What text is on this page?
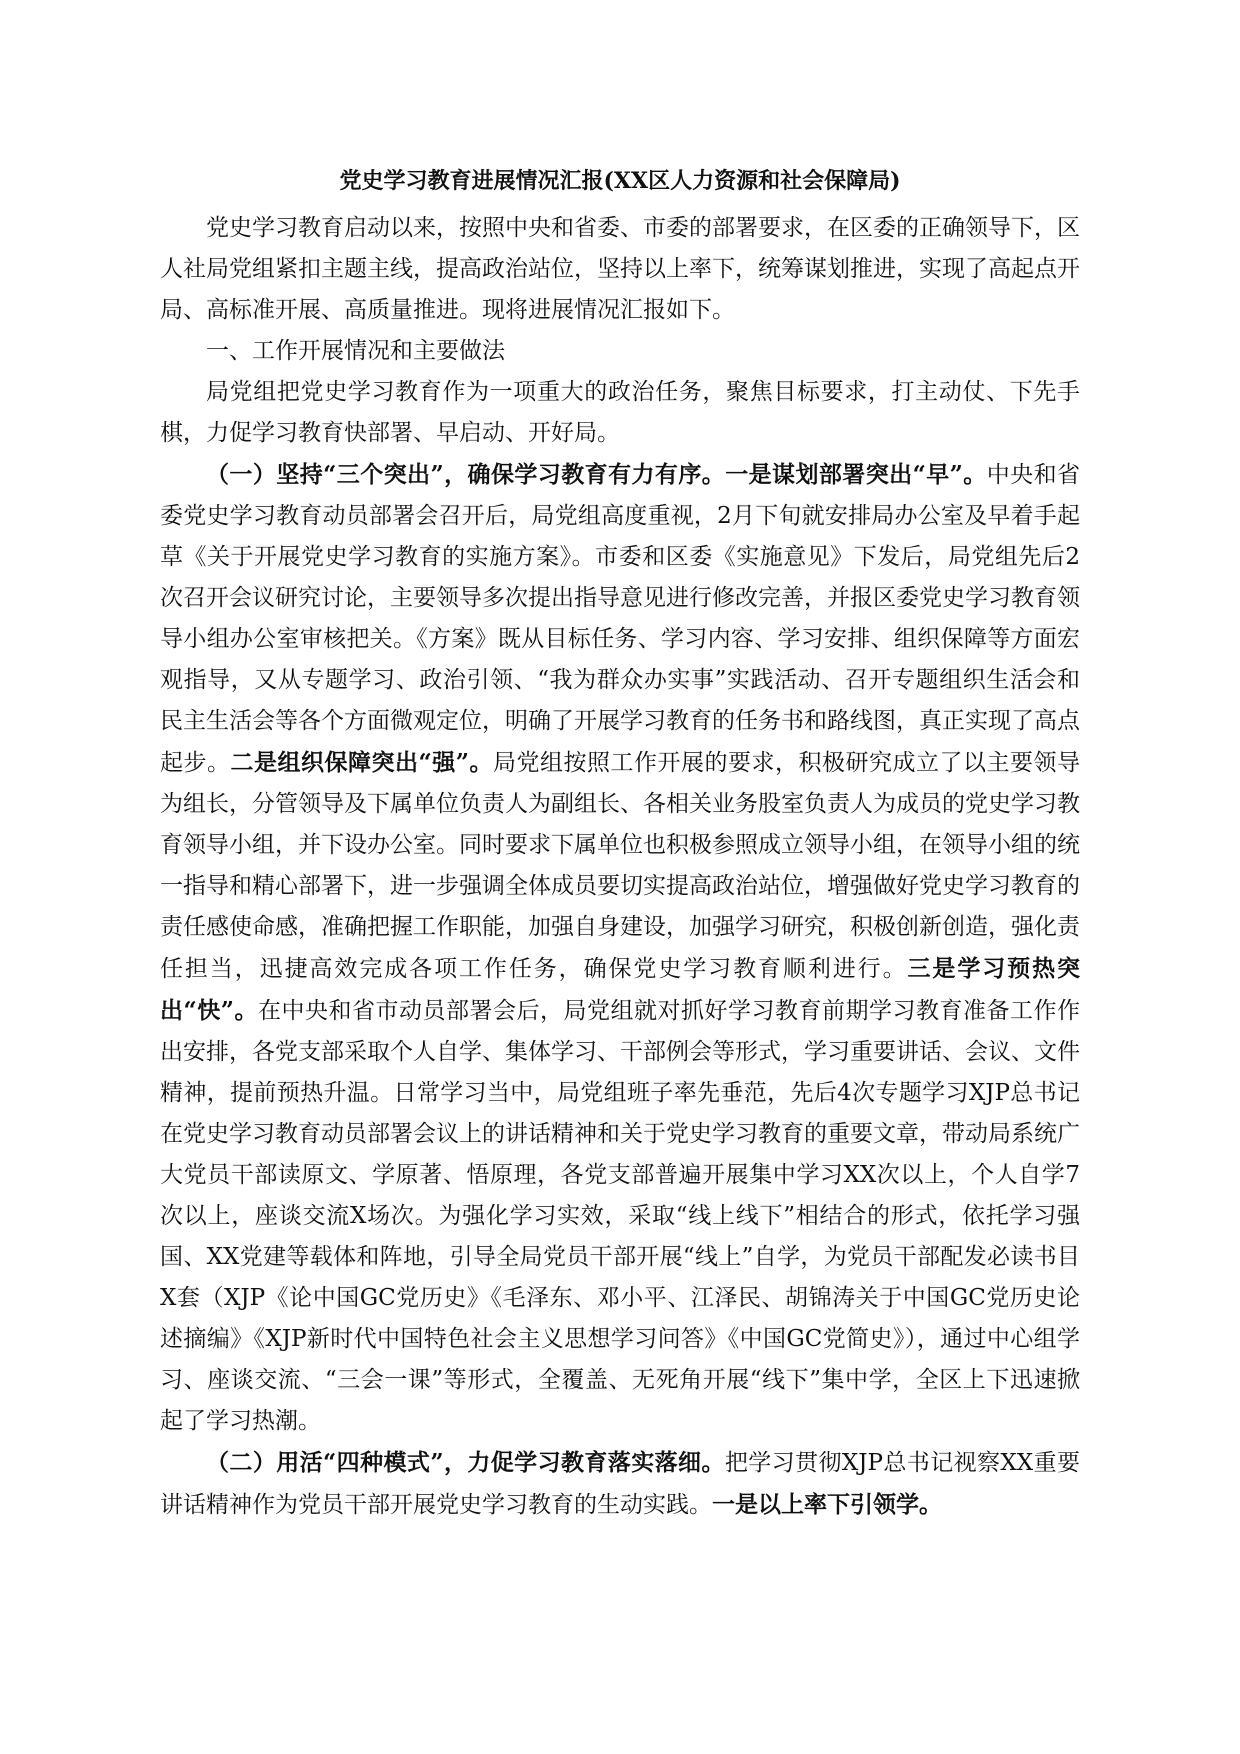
党史学习教育进展情况汇报(XX区人力资源和社会保障局)

党史学习教育启动以来，按照中央和省委、市委的部署要求，在区委的正确领导下，区人社局党组紧扣主题主线，提高政治站位，坚持以上率下，统筹谋划推进，实现了高起点开局、高标准开展、高质量推进。现将进展情况汇报如下。

一、工作开展情况和主要做法

局党组把党史学习教育作为一项重大的政治任务，聚焦目标要求，打主动仗、下先手棋，力促学习教育快部署、早启动、开好局。

（一）坚持“三个突出”，确保学习教育有力有序。一是谋划部署突出“早”。中央和省委党史学习教育动员部署会召开后，局党组高度重视，2月下旬就安排局办公室及早着手起草《关于开展党史学习教育的实施方案》。市委和区委《实施意见》下发后，局党组先后2次召开会议研究讨论，主要领导多次提出指导意见进行修改完善，并报区委党史学习教育领导小组办公室审核把关。《方案》既从目标任务、学习内容、学习安排、组织保障等方面宏观指导，又从专题学习、政治引领、“我为群众办实事”实践活动、召开专题组织生活会和民主生活会等各个方面微观定位，明确了开展学习教育的任务书和路线图，真正实现了高点起步。二是组织保障突出“强”。局党组按照工作开展的要求，积极研究成立了以主要领导为组长，分管领导及下属单位负责人为副组长、各相关业务股室负责人为成员的党史学习教育领导小组，并下设办公室。同时要求下属单位也积极参照成立领导小组，在领导小组的统一指导和精心部署下，进一步强调全体成员要切实提高政治站位，增强做好党史学习教育的责任感使命感，准确把握工作职能，加强自身建设，加强学习研究，积极创新创造，强化责任担当，迅捷高效完成各项工作任务，确保党史学习教育顺利进行。三是学习预热突出“快”。在中央和省市动员部署会后，局党组就对抓好学习教育前期学习教育准备工作作出安排，各党支部采取个人自学、集体学习、干部例会等形式，学习重要讲话、会议、文件精神，提前预热升温。日常学习当中，局党组班子率先垂范，先后4次专题学习XJP总书记在党史学习教育动员部署会议上的讲话精神和关于党史学习教育的重要文章，带动局系统广大党员干部读原文、学原著、悟原理，各党支部普遍开展集中学习XX次以上，个人自学7次以上，座谈交流X场次。为强化学习实效，采取“线上线下”相结合的形式，依托学习强国、XX党建等载体和阵地，引导全局党员干部开展“线上”自学，为党员干部配发必读书目X套（XJP《论中国GC党历史》《毛泽东、邓小平、江泽民、胡锦涛关于中国GC党历史论述摘编》《XJP新时代中国特色社会主义思想学习问答》《中国GC党简史》），通过中心组学习、座谈交流、“三会一课”等形式，全覆盖、无死角开展“线下”集中学，全区上下迅速掀起了学习热潮。

（二）用活“四种模式”，力促学习教育落实落细。把学习贯彻XJP总书记视察XX重要讲话精神作为党员干部开展党史学习教育的生动实践。一是以上率下引领学。
